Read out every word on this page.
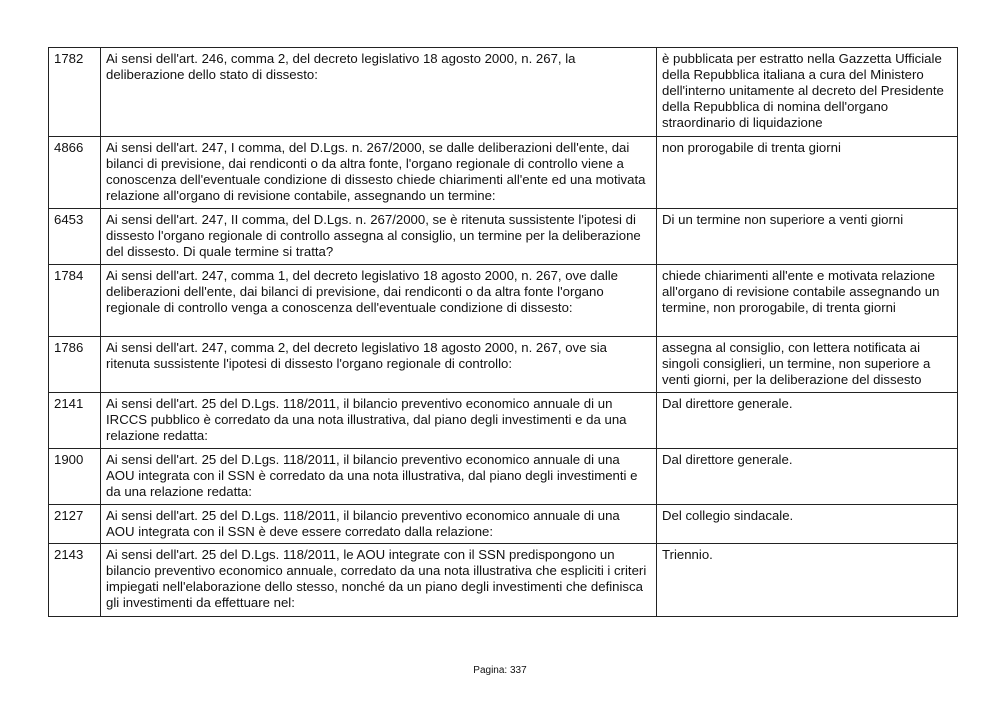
1782	Ai sensi dell'art. 246, comma 2, del decreto legislativo 18 agosto 2000, n. 267, la deliberazione dello stato di dissesto:	è pubblicata per estratto nella Gazzetta Ufficiale della Repubblica italiana a cura del Ministero dell'interno unitamente al decreto del Presidente della Repubblica di nomina dell'organo straordinario di liquidazione
4866	Ai sensi dell'art. 247, I comma, del D.Lgs. n. 267/2000, se dalle deliberazioni dell'ente, dai bilanci di previsione, dai rendiconti o da altra fonte, l'organo regionale di controllo viene a conoscenza dell'eventuale condizione di dissesto chiede chiarimenti all'ente ed una motivata relazione all'organo di revisione contabile, assegnando un termine:	non prorogabile di trenta giorni
6453	Ai sensi dell'art. 247, II comma, del D.Lgs. n. 267/2000, se è ritenuta sussistente l'ipotesi di dissesto l'organo regionale di controllo assegna al consiglio, un termine per la deliberazione del dissesto. Di quale termine si tratta?	Di un termine non superiore a venti giorni
1784	Ai sensi dell'art. 247, comma 1, del decreto legislativo 18 agosto 2000, n. 267, ove dalle deliberazioni dell'ente, dai bilanci di previsione, dai rendiconti o da altra fonte l'organo regionale di controllo venga a conoscenza dell'eventuale condizione di dissesto:	chiede chiarimenti all'ente e motivata relazione all'organo di revisione contabile assegnando un termine, non prorogabile, di trenta giorni
1786	Ai sensi dell'art. 247, comma 2, del decreto legislativo 18 agosto 2000, n. 267, ove sia ritenuta sussistente l'ipotesi di dissesto l'organo regionale di controllo:	assegna al consiglio, con lettera notificata ai singoli consiglieri, un termine, non superiore a venti giorni, per la deliberazione del dissesto
2141	Ai sensi dell'art. 25 del D.Lgs. 118/2011, il bilancio preventivo economico annuale di un IRCCS pubblico è corredato da una nota illustrativa, dal piano degli investimenti e da una relazione redatta:	Dal direttore generale.
1900	Ai sensi dell'art. 25 del D.Lgs. 118/2011, il bilancio preventivo economico annuale di una AOU integrata con il SSN è corredato da una nota illustrativa, dal piano degli investimenti e da una relazione redatta:	Dal direttore generale.
2127	Ai sensi dell'art. 25 del D.Lgs. 118/2011, il bilancio preventivo economico annuale di una AOU integrata con il SSN è deve essere corredato dalla relazione:	Del collegio sindacale.
2143	Ai sensi dell'art. 25 del D.Lgs. 118/2011, le AOU integrate con il SSN predispongono un bilancio preventivo economico annuale, corredato da una nota illustrativa che espliciti i criteri impiegati nell'elaborazione dello stesso, nonché da un piano degli investimenti che definisca gli investimenti da effettuare nel:	Triennio.
Pagina: 337
